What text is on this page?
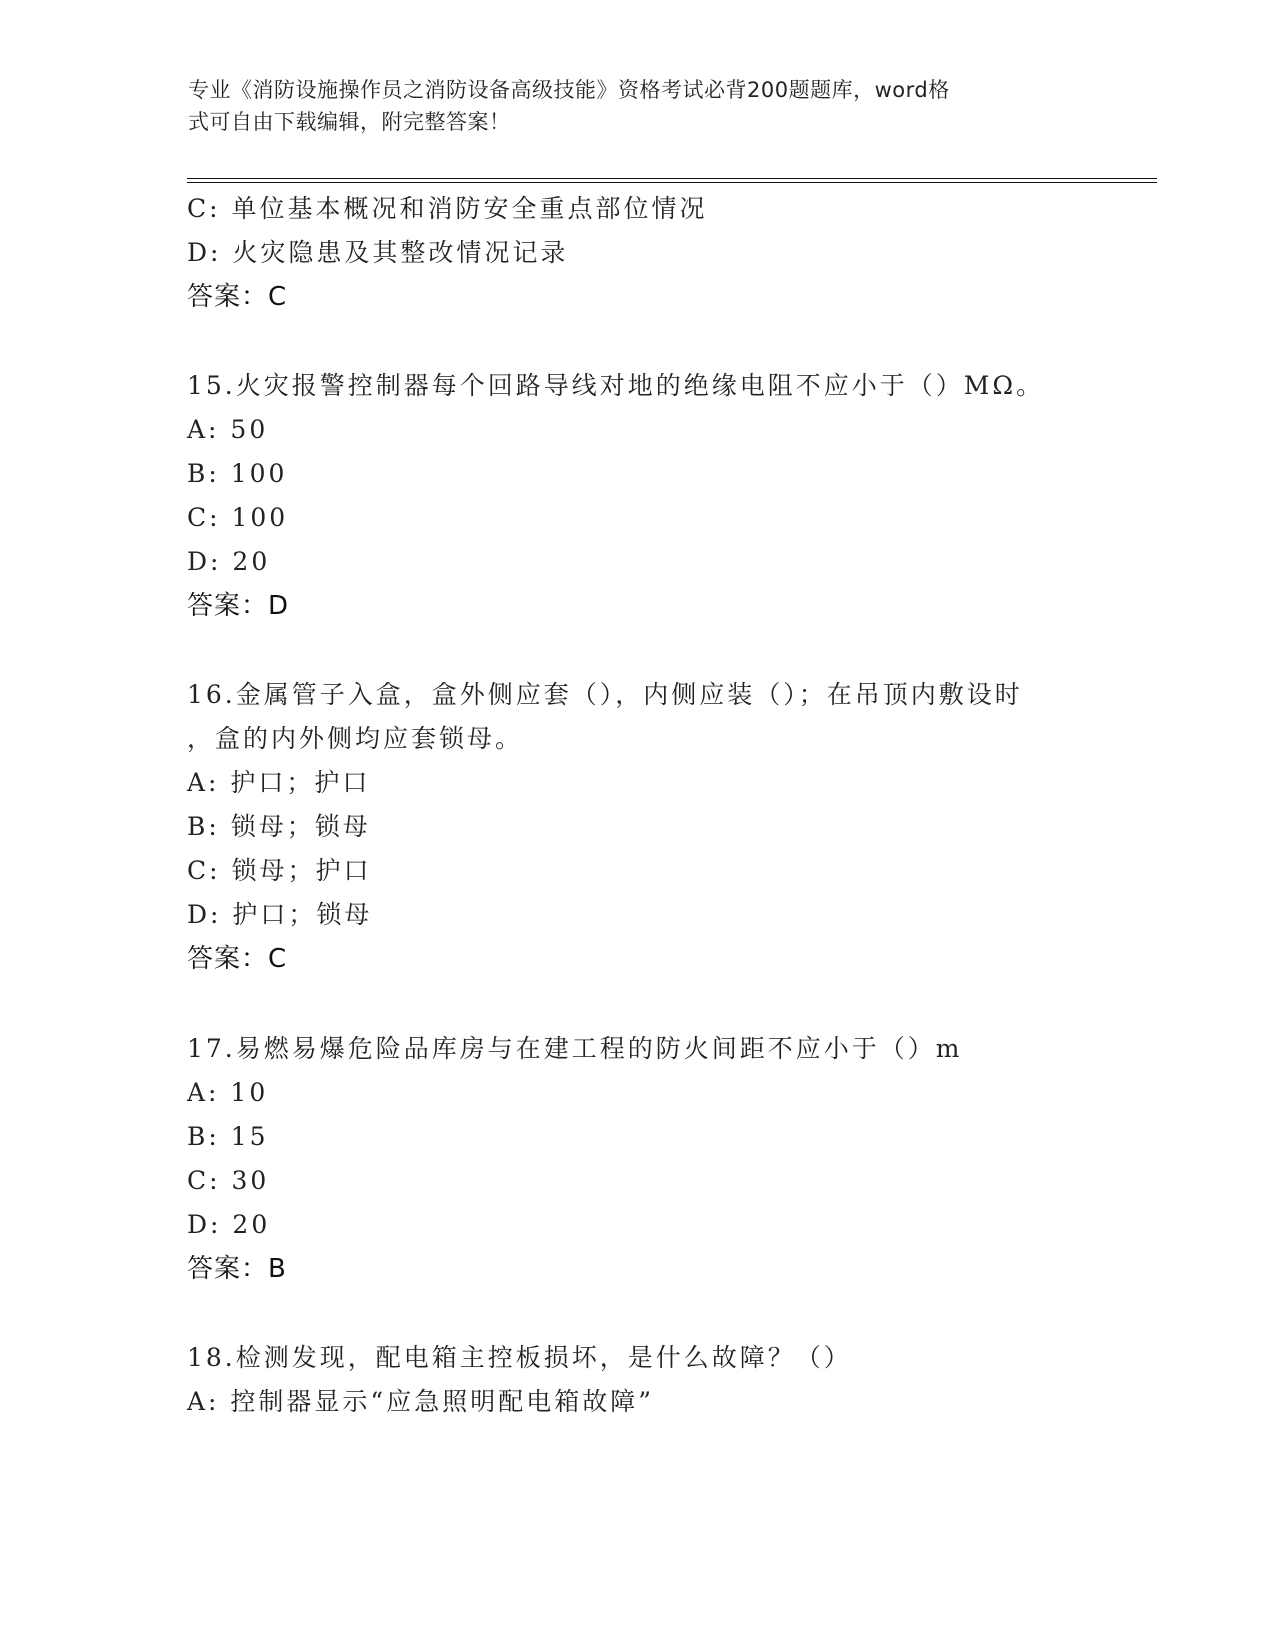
专业《消防设施操作员之消防设备高级技能》资格考试必背200题题库，word格
式可自由下载编辑，附完整答案！
C: 单位基本概况和消防安全重点部位情况
D: 火灾隐患及其整改情况记录
答案：C
15.火灾报警控制器每个回路导线对地的绝缘电阻不应小于（）MΩ。
A: 50
B: 100
C: 100
D: 20
答案：D
16.金属管子入盒，盒外侧应套（），内侧应装（）；在吊顶内敷设时
，盒的内外侧均应套锁母。
A: 护口；护口
B: 锁母；锁母
C: 锁母；护口
D: 护口；锁母
答案：C
17.易燃易爆危险品库房与在建工程的防火间距不应小于（）m
A: 10
B: 15
C: 30
D: 20
答案：B
18.检测发现，配电箱主控板损坏，是什么故障？（）
A: 控制器显示“应急照明配电箱故障”
